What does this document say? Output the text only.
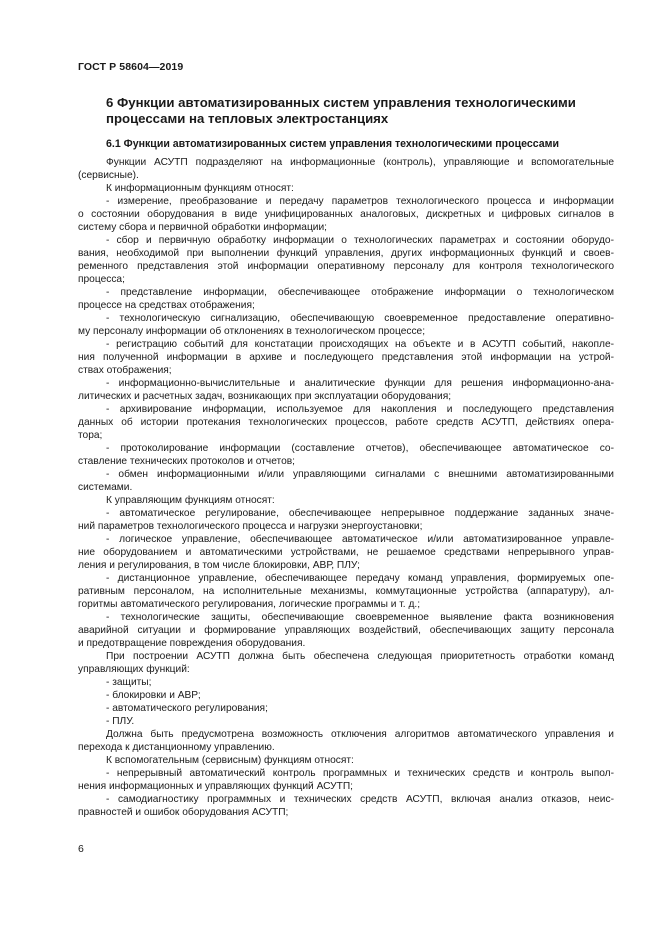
ГОСТ Р 58604—2019
6 Функции автоматизированных систем управления технологическими
процессами на тепловых электростанциях
6.1 Функции автоматизированных систем управления технологическими процессами
Функции АСУТП подразделяют на информационные (контроль), управляющие и вспомогательные
(сервисные).
К информационным функциям относят:
- измерение, преобразование и передачу параметров технологического процесса и информации
о состоянии оборудования в виде унифицированных аналоговых, дискретных и цифровых сигналов в
систему сбора и первичной обработки информации;
- сбор и первичную обработку информации о технологических параметрах и состоянии оборудо-
вания, необходимой при выполнении функций управления, других информационных функций и своев-
ременного представления этой информации оперативному персоналу для контроля технологического
процесса;
- представление информации, обеспечивающее отображение информации о технологическом
процессе на средствах отображения;
- технологическую сигнализацию, обеспечивающую своевременное предоставление оперативно-
му персоналу информации об отклонениях в технологическом процессе;
- регистрацию событий для констатации происходящих на объекте и в АСУТП событий, накопле-
ния полученной информации в архиве и последующего представления этой информации на устрой-
ствах отображения;
- информационно-вычислительные и аналитические функции для решения информационно-ана-
литических и расчетных задач, возникающих при эксплуатации оборудования;
- архивирование информации, используемое для накопления и последующего представления
данных об истории протекания технологических процессов, работе средств АСУТП, действиях опера-
тора;
- протоколирование информации (составление отчетов), обеспечивающее автоматическое со-
ставление технических протоколов и отчетов;
- обмен информационными и/или управляющими сигналами с внешними автоматизированными
системами.
К управляющим функциям относят:
- автоматическое регулирование, обеспечивающее непрерывное поддержание заданных значе-
ний параметров технологического процесса и нагрузки энергоустановки;
- логическое управление, обеспечивающее автоматическое и/или автоматизированное управле-
ние оборудованием и автоматическими устройствами, не решаемое средствами непрерывного управ-
ления и регулирования, в том числе блокировки, АВР, ПЛУ;
- дистанционное управление, обеспечивающее передачу команд управления, формируемых опе-
ративным персоналом, на исполнительные механизмы, коммутационные устройства (аппаратуру), ал-
горитмы автоматического регулирования, логические программы и т. д.;
- технологические защиты, обеспечивающие своевременное выявление факта возникновения
аварийной ситуации и формирование управляющих воздействий, обеспечивающих защиту персонала
и предотвращение повреждения оборудования.
При построении АСУТП должна быть обеспечена следующая приоритетность отработки команд
управляющих функций:
- защиты;
- блокировки и АВР;
- автоматического регулирования;
- ПЛУ.
Должна быть предусмотрена возможность отключения алгоритмов автоматического управления и
перехода к дистанционному управлению.
К вспомогательным (сервисным) функциям относят:
- непрерывный автоматический контроль программных и технических средств и контроль выпол-
нения информационных и управляющих функций АСУТП;
- самодиагностику программных и технических средств АСУТП, включая анализ отказов, неис-
правностей и ошибок оборудования АСУТП;
6
